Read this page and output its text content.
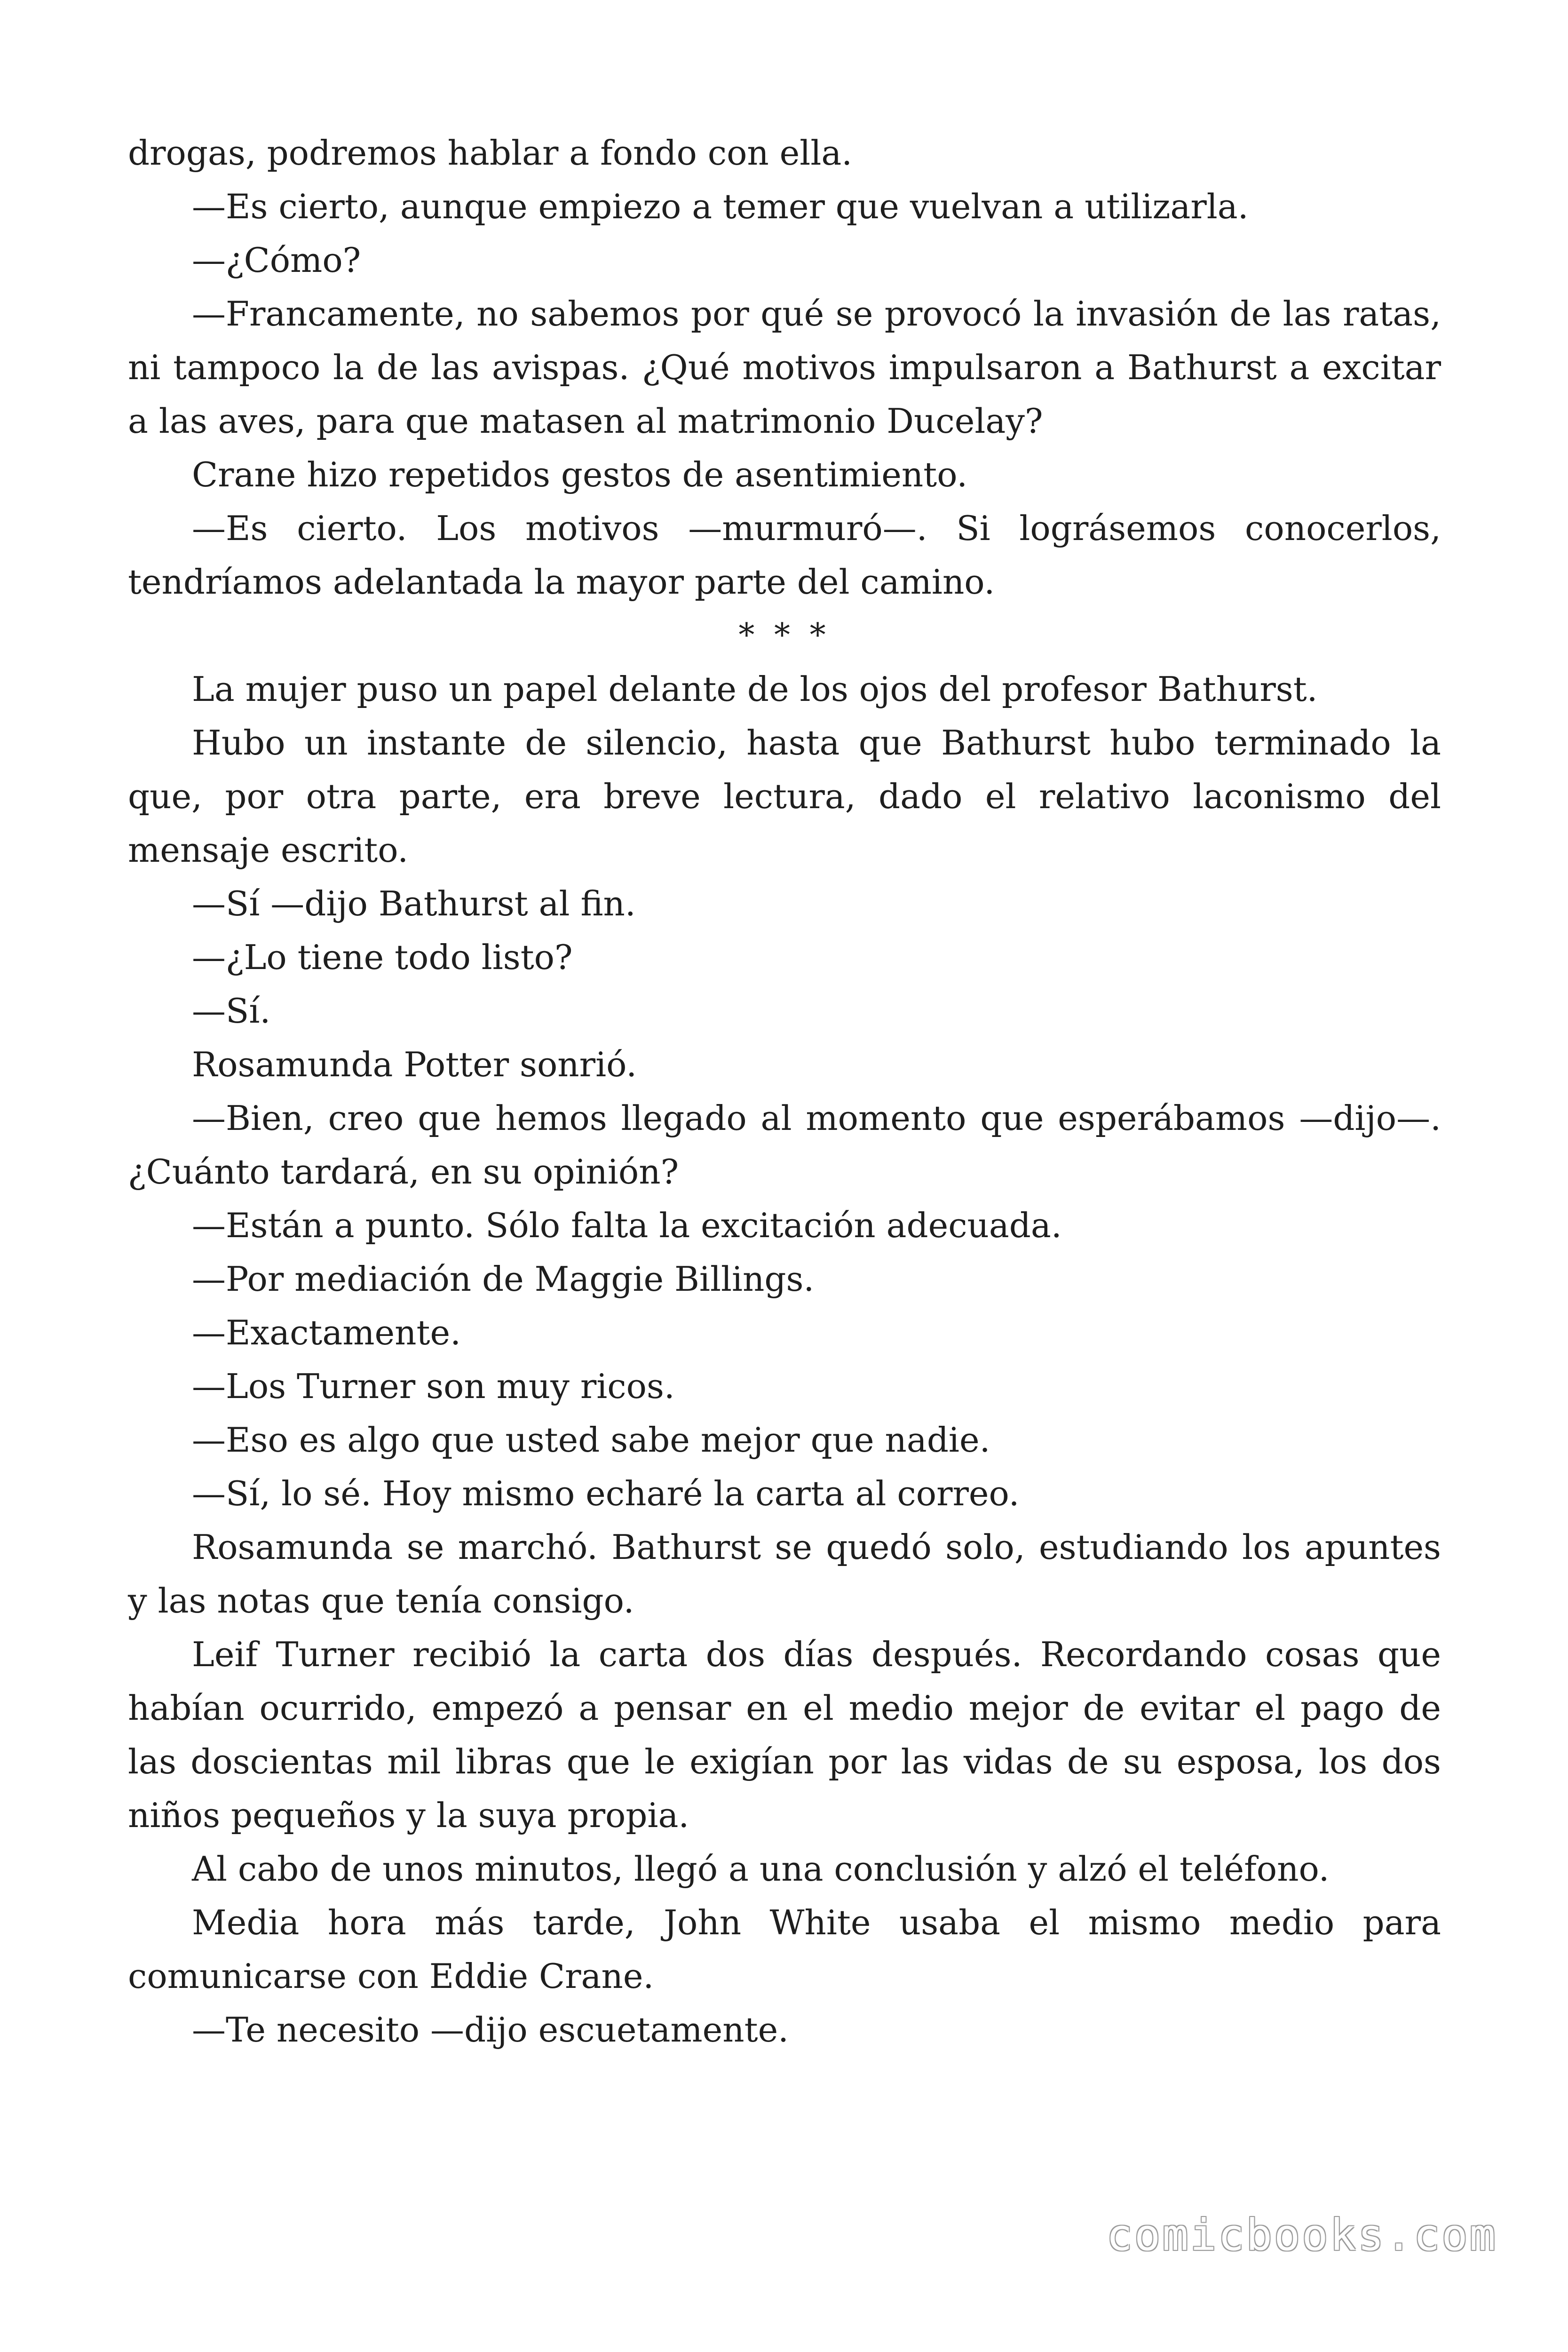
drogas, podremos hablar a fondo con ella.

—Es cierto, aunque empiezo a temer que vuelvan a utilizarla.

—¿Cómo?

—Francamente, no sabemos por qué se provocó la invasión de las ratas, ni tampoco la de las avispas. ¿Qué motivos impulsaron a Bathurst a excitar a las aves, para que matasen al matrimonio Ducelay?

Crane hizo repetidos gestos de asentimiento.

—Es cierto. Los motivos —murmuró—. Si lográsemos conocerlos, tendríamos adelantada la mayor parte del camino.

* * *

La mujer puso un papel delante de los ojos del profesor Bathurst.

Hubo un instante de silencio, hasta que Bathurst hubo terminado la que, por otra parte, era breve lectura, dado el relativo laconismo del mensaje escrito.

—Sí —dijo Bathurst al fin.

—¿Lo tiene todo listo?

—Sí.

Rosamunda Potter sonrió.

—Bien, creo que hemos llegado al momento que esperábamos —dijo—. ¿Cuánto tardará, en su opinión?

—Están a punto. Sólo falta la excitación adecuada.

—Por mediación de Maggie Billings.

—Exactamente.

—Los Turner son muy ricos.

—Eso es algo que usted sabe mejor que nadie.

—Sí, lo sé. Hoy mismo echaré la carta al correo.

Rosamunda se marchó. Bathurst se quedó solo, estudiando los apuntes y las notas que tenía consigo.

Leif Turner recibió la carta dos días después. Recordando cosas que habían ocurrido, empezó a pensar en el medio mejor de evitar el pago de las doscientas mil libras que le exigían por las vidas de su esposa, los dos niños pequeños y la suya propia.

Al cabo de unos minutos, llegó a una conclusión y alzó el teléfono.

Media hora más tarde, John White usaba el mismo medio para comunicarse con Eddie Crane.

—Te necesito —dijo escuetamente.

comicbooks.com
